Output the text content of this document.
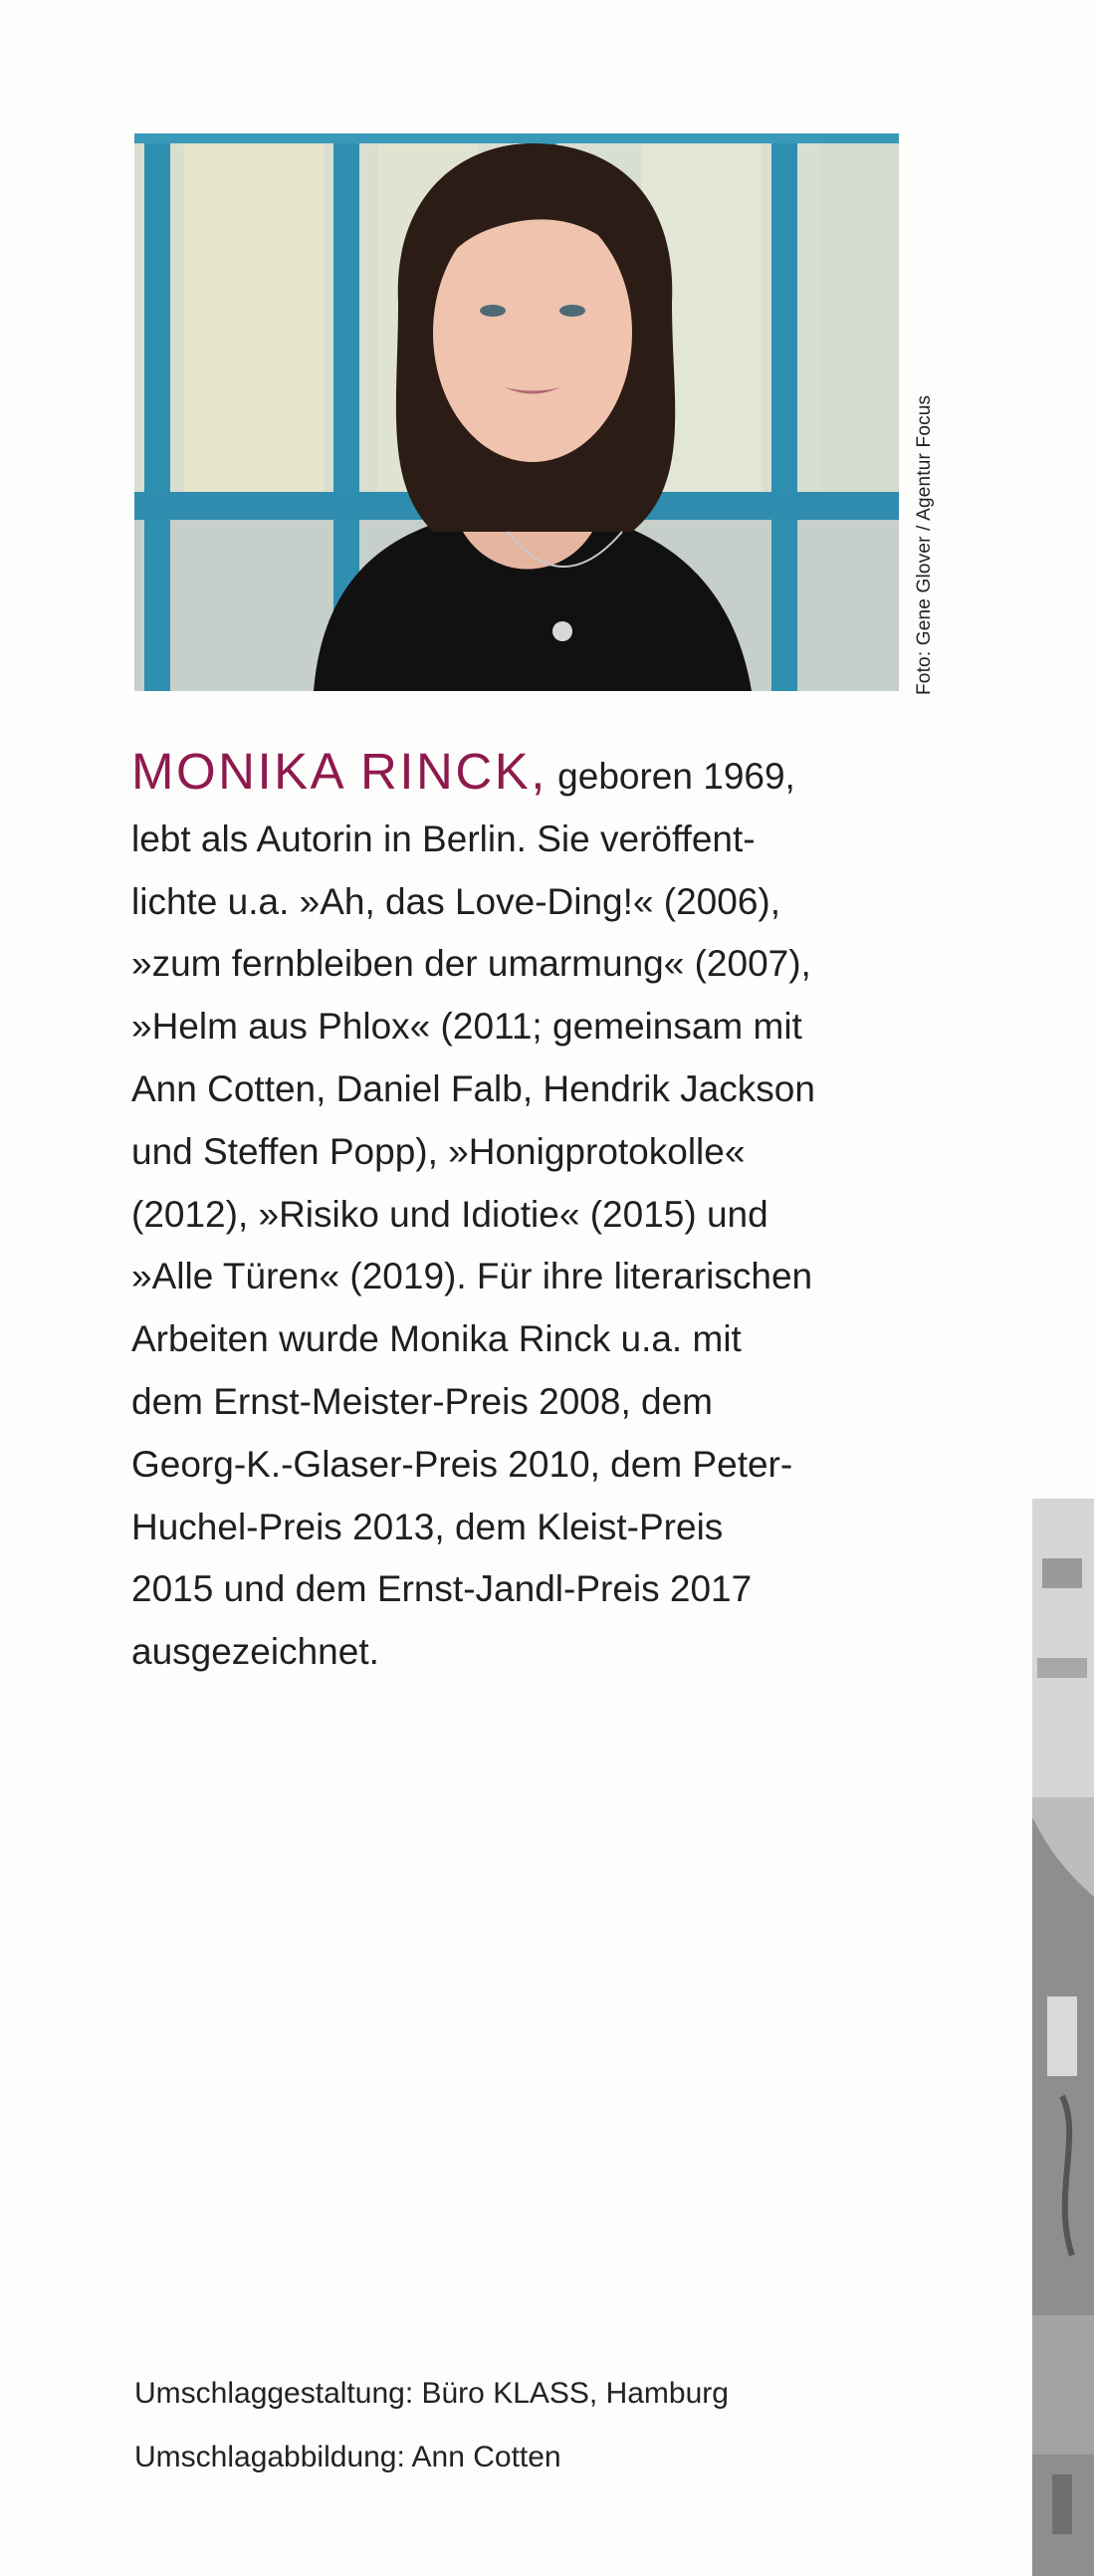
Foto: Gene Glover / Agentur Focus
MONIKA RINCK, geboren 1969,
lebt als Autorin in Berlin. Sie veröffent-
lichte u.a. »Ah, das Love-Ding!« (2006),
»zum fernbleiben der umarmung« (2007),
»Helm aus Phlox« (2011; gemeinsam mit
Ann Cotten, Daniel Falb, Hendrik Jackson
und Steffen Popp), »Honigprotokolle«
(2012), »Risiko und Idiotie« (2015) und
»Alle Türen« (2019). Für ihre literarischen
Arbeiten wurde Monika Rinck u.a. mit
dem Ernst-Meister-Preis 2008, dem
Georg-K.-Glaser-Preis 2010, dem Peter-
Huchel-Preis 2013, dem Kleist-Preis
2015 und dem Ernst-Jandl-Preis 2017
ausgezeichnet.
Umschlaggestaltung: Büro KLASS, Hamburg
Umschlagabbildung: Ann Cotten
